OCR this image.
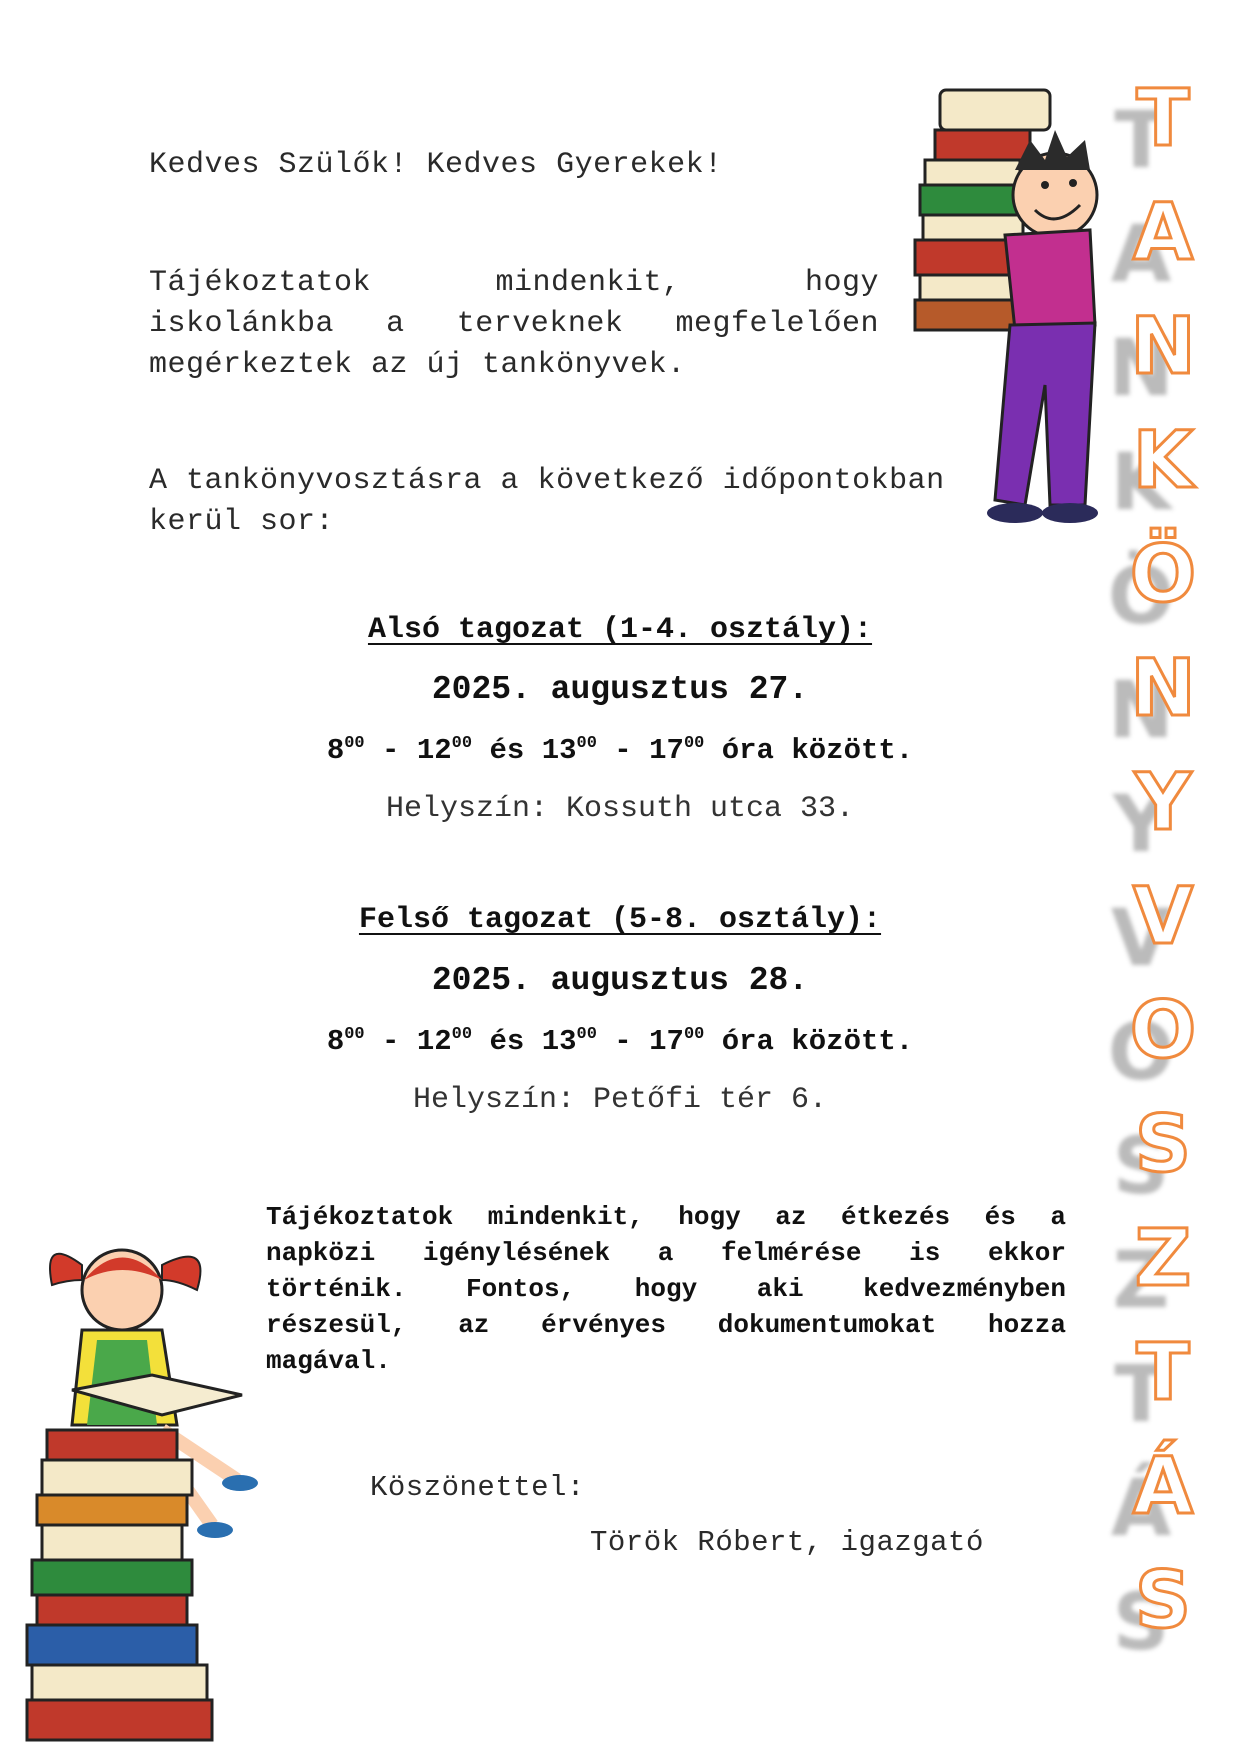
Kedves Szülők! Kedves Gyerekek!
Tájékoztatok mindenkit, hogy
iskolánkba a terveknek megfelelően
megérkeztek az új tankönyvek.
A tankönyvosztásra a következő időpontokban
kerül sor:
Alsó tagozat (1-4. osztály):
2025. augusztus 27.
$8^{00} - 12^{00}$ és $13^{00} - 17^{00}$ óra között.
Helyszín: Kossuth utca 33.
Felső tagozat (5-8. osztály):
2025. augusztus 28.
$8^{00} - 12^{00}$ és $13^{00} - 17^{00}$ óra között.
Helyszín: Petőfi tér 6.
Tájékoztatok mindenkit, hogy az étkezés és a
napközi igénylésének a felmérése is ekkor
történik. Fontos, hogy aki kedvezményben
részesül, az érvényes dokumentumokat hozza
magával.
Köszönettel:
Török Róbert, igazgató
T
A
N
K
Ö
N
Y
V
O
S
Z
T
Á
S
